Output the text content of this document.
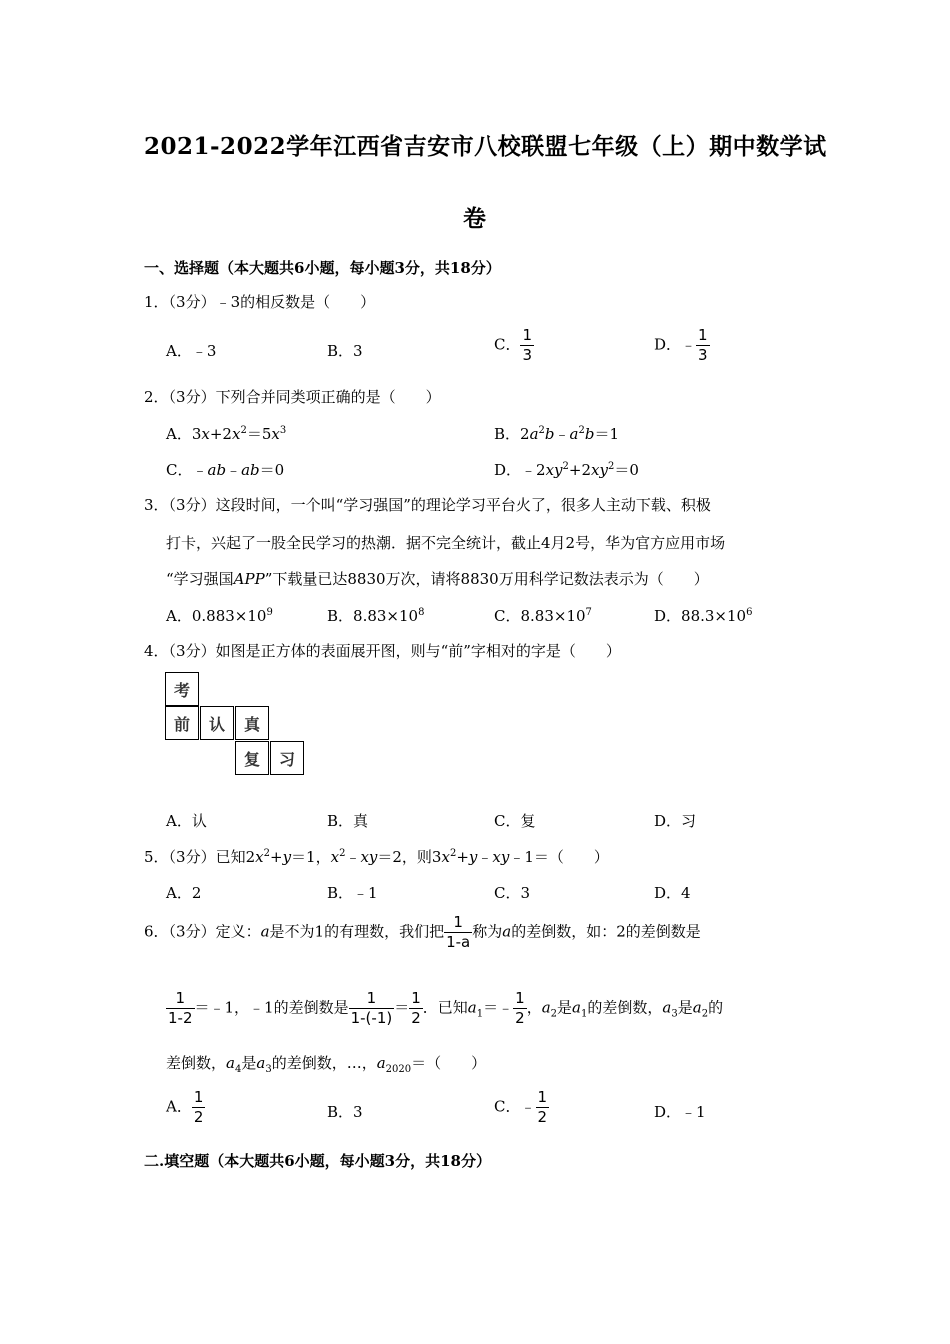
2021-2022学年江西省吉安市八校联盟七年级（上）期中数学试
卷
一、选择题（本大题共6小题，每小题3分，共18分）
1．（3分）﹣3的相反数是（　　）
A．﹣3	B．3	C． $\frac{1}{3}$	D．﹣ $\frac{1}{3}$
2．（3分）下列合并同类项正确的是（　　）
A．$3x+2x^2=5x^3$	B．$2a^2b﹣a^2b=1$
C．﹣ab﹣ab＝0	D．$﹣2xy^2+2xy^2=0$
3．（3分）这段时间，一个叫“学习强国”的理论学习平台火了，很多人主动下载、积极
打卡，兴起了一股全民学习的热潮．据不完全统计，截止4月2号，华为官方应用市场
“学习强国APP”下载量已达8830万次，请将8830万用科学记数法表示为（　　）
A．$0.883\times 10^9$	B．$8.83\times 10^8$	C．$8.83\times 10^7$	D．$88.3\times 10^6$
4．（3分）如图是正方体的表面展开图，则与“前”字相对的字是（　　）
考
前	认	真
复	习
A．认	B．真	C．复	D．习
5．（3分）已知$2x^2+y=1$，$x^2﹣xy=2$，则$3x^2+y﹣xy﹣1=$（　　）
A．2	B．﹣1	C．3	D．4
6．（3分）定义：a是不为1的有理数，我们把 $\frac{1}{1-a}$ 称为a的差倒数，如：2的差倒数是
$\frac{1}{1-2}$ ＝﹣1，﹣1的差倒数是 $\frac{1}{1-(-1)} = \frac{1}{2}$ ．已知$a_1=﹣ \frac{1}{2}$ ，$a_2$是$a_1$的差倒数，$a_3$是$a_2$的
差倒数，$a_4$是$a_3$的差倒数，…，$a_{2020}=$（　　）
A． $\frac{1}{2}$	B．3	C．﹣ $\frac{1}{2}$	D．﹣1
二.填空题（本大题共6小题，每小题3分，共18分）
